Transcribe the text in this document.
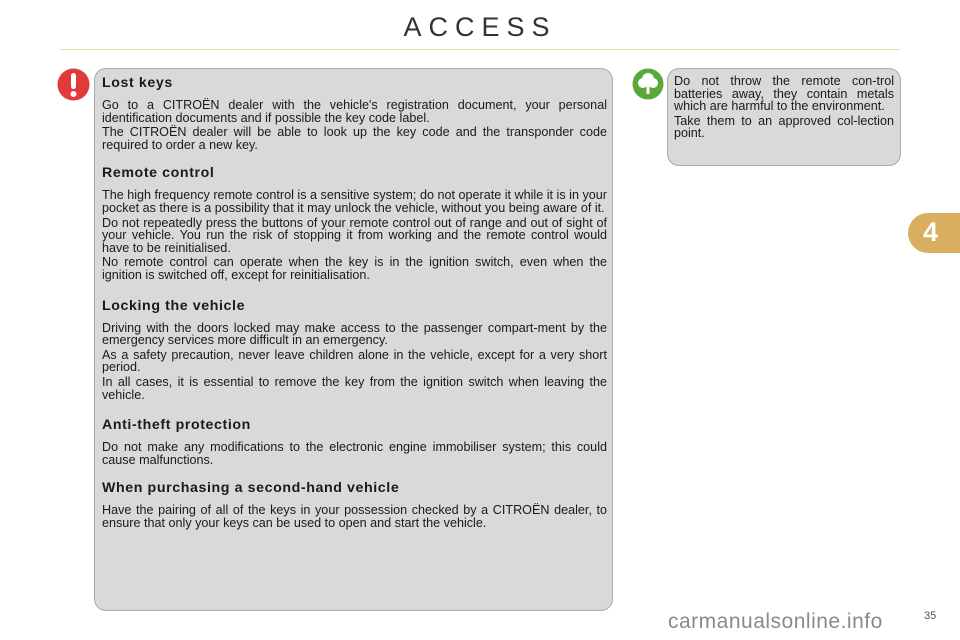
ACCESS
Lost keys

Go to a CITROËN dealer with the vehicle's registration document, your personal identification documents and if possible the key code label.

The CITROËN dealer will be able to look up the key code and the transponder code required to order a new key.

Remote control

The high frequency remote control is a sensitive system; do not operate it while it is in your pocket as there is a possibility that it may unlock the vehicle, without you being aware of it.

Do not repeatedly press the buttons of your remote control out of range and out of sight of your vehicle. You run the risk of stopping it from working and the remote control would have to be reinitialised.

No remote control can operate when the key is in the ignition switch, even when the ignition is switched off, except for reinitialisation.

Locking the vehicle

Driving with the doors locked may make access to the passenger compart-ment by the emergency services more difficult in an emergency.

As a safety precaution, never leave children alone in the vehicle, except for a very short period.

In all cases, it is essential to remove the key from the ignition switch when leaving the vehicle.

Anti-theft protection

Do not make any modifications to the electronic engine immobiliser system; this could cause malfunctions.

When purchasing a second-hand vehicle

Have the pairing of all of the keys in your possession checked by a CITROËN dealer, to ensure that only your keys can be used to open and start the vehicle.

Do not throw the remote con-trol batteries away, they contain metals which are harmful to the environment.

Take them to an approved col-lection point.

4
35
carmanualsonline.info
